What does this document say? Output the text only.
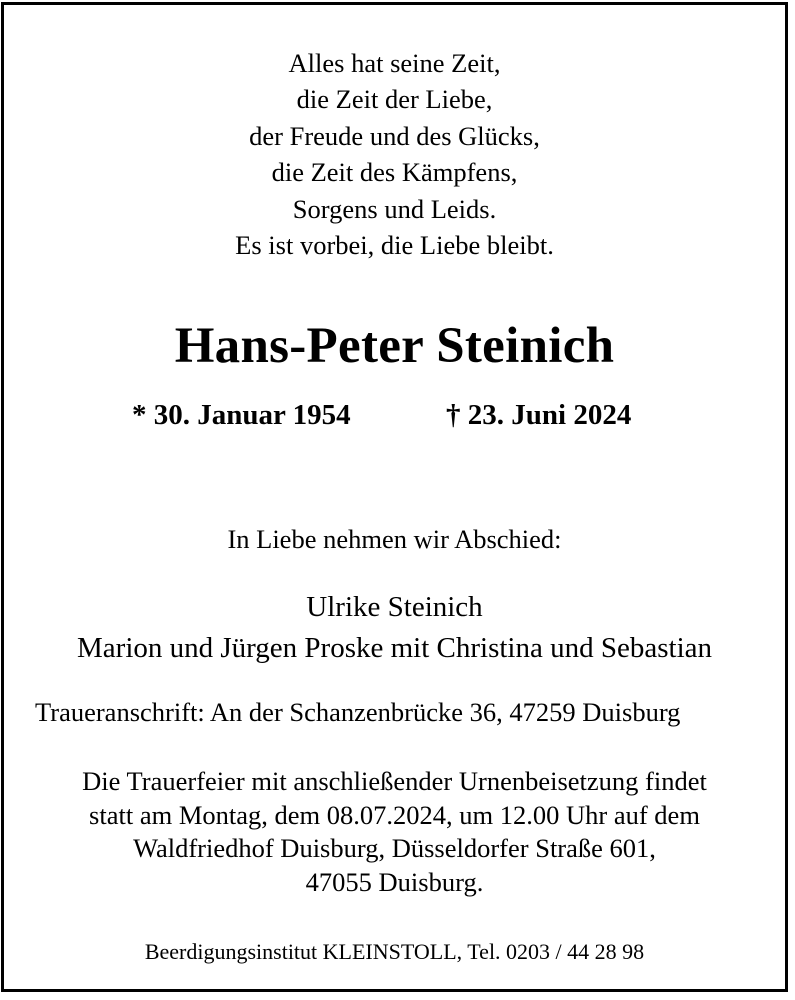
Alles hat seine Zeit,
die Zeit der Liebe,
der Freude und des Glücks,
die Zeit des Kämpfens,
Sorgens und Leids.
Es ist vorbei, die Liebe bleibt.
Hans-Peter Steinich
* 30. Januar 1954	† 23. Juni 2024
In Liebe nehmen wir Abschied:
Ulrike Steinich
Marion und Jürgen Proske mit Christina und Sebastian
Traueranschrift: An der Schanzenbrücke 36, 47259 Duisburg
Die Trauerfeier mit anschließender Urnenbeisetzung findet
statt am Montag, dem 08.07.2024, um 12.00 Uhr auf dem
Waldfriedhof Duisburg, Düsseldorfer Straße 601,
47055 Duisburg.
Beerdigungsinstitut KLEINSTOLL, Tel. 0203 / 44 28 98
